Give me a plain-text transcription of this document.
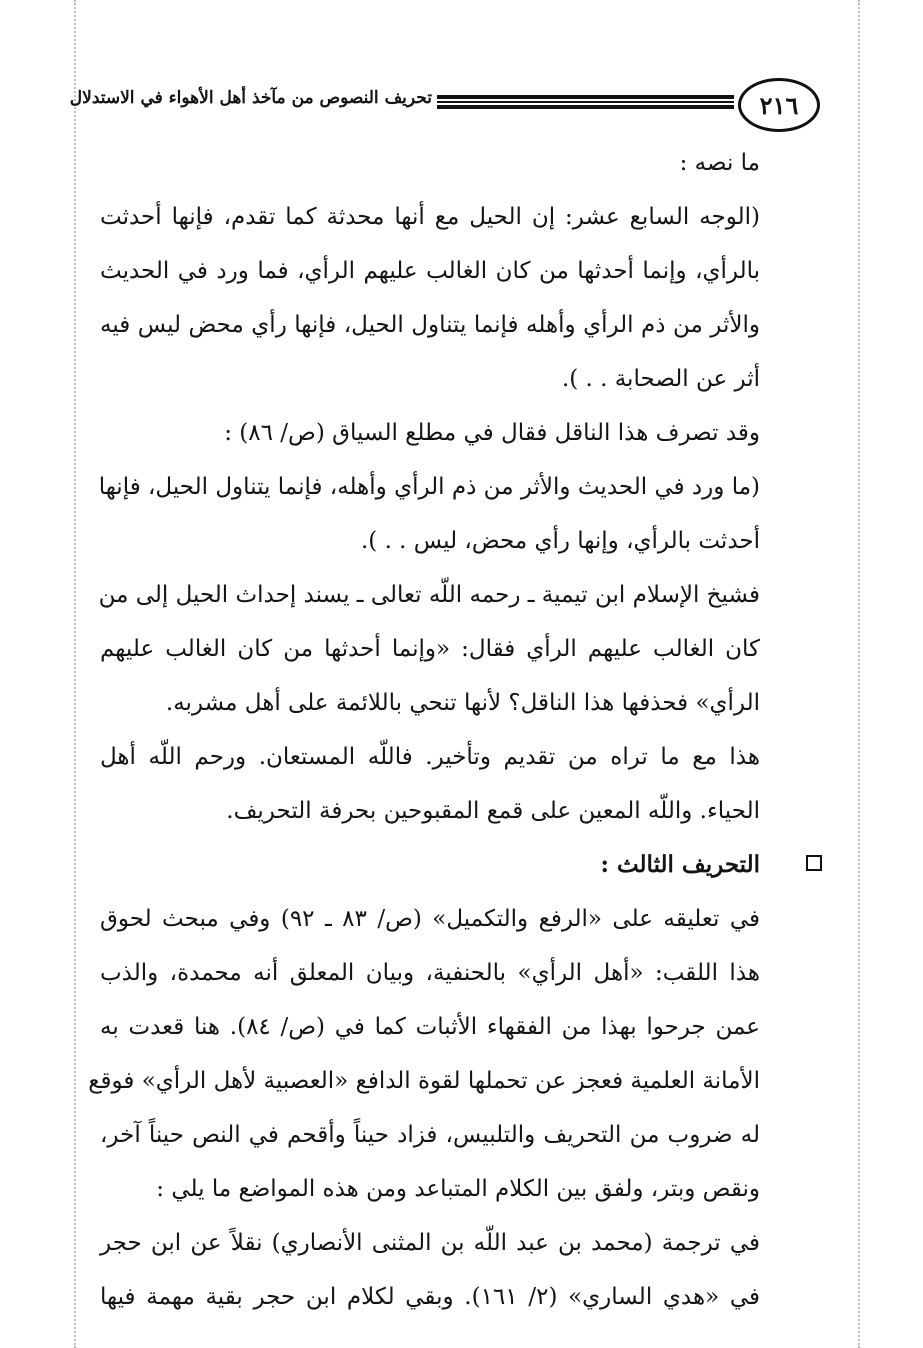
٢١٦
تحريف النصوص من مآخذ أهل الأهواء في الاستدلال
ما نصه :
(الوجه السابع عشر: إن الحيل مع أنها محدثة كما تقدم، فإنها أحدثت
بالرأي، وإنما أحدثها من كان الغالب عليهم الرأي، فما ورد في الحديث
والأثر من ذم الرأي وأهله فإنما يتناول الحيل، فإنها رأي محض ليس فيه
أثر عن الصحابة . . ).
وقد تصرف هذا الناقل فقال في مطلع السياق (ص/ ٨٦) :
(ما ورد في الحديث والأثر من ذم الرأي وأهله، فإنما يتناول الحيل، فإنها
أحدثت بالرأي، وإنها رأي محض، ليس . . ).
فشيخ الإسلام ابن تيمية ـ رحمه اللّه تعالى ـ يسند إحداث الحيل إلى من
كان الغالب عليهم الرأي فقال: «وإنما أحدثها من كان الغالب عليهم
الرأي» فحذفها هذا الناقل؟ لأنها تنحي باللائمة على أهل مشربه.
هذا مع ما تراه من تقديم وتأخير. فاللّه المستعان. ورحم اللّه أهل
الحياء. واللّه المعين على قمع المقبوحين بحرفة التحريف.
التحريف الثالث :
في تعليقه على «الرفع والتكميل» (ص/ ٨٣ ـ ٩٢) وفي مبحث لحوق
هذا اللقب: «أهل الرأي» بالحنفية، وبيان المعلق أنه محمدة، والذب
عمن جرحوا بهذا من الفقهاء الأثبات كما في (ص/ ٨٤). هنا قعدت به
الأمانة العلمية فعجز عن تحملها لقوة الدافع «العصبية لأهل الرأي» فوقع
له ضروب من التحريف والتلبيس، فزاد حيناً وأقحم في النص حيناً آخر،
ونقص وبتر، ولفق بين الكلام المتباعد ومن هذه المواضع ما يلي :
في ترجمة (محمد بن عبد اللّه بن المثنى الأنصاري) نقلاً عن ابن حجر
في «هدي الساري» (٢/ ١٦١). وبقي لكلام ابن حجر بقية مهمة فيها
